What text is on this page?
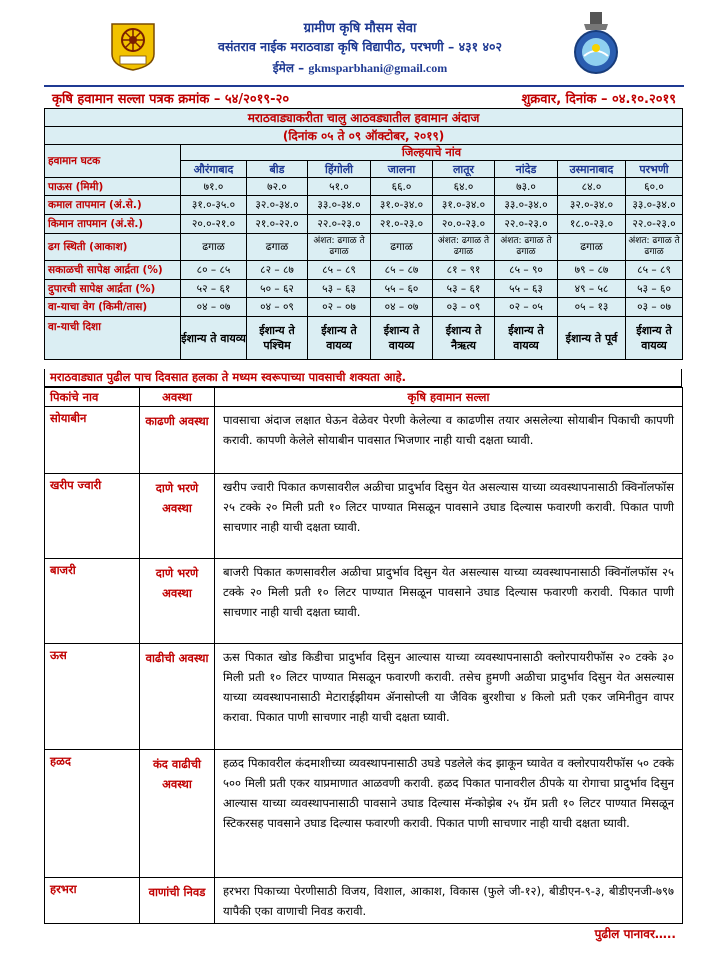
ग्रामीण कृषि मौसम सेवा
वसंतराव नाईक मराठवाडा कृषि विद्यापीठ, परभणी – ४३१ ४०२
ईमेल – gkmsparbhani@gmail.com
कृषि हवामान सल्ला पत्रक क्रमांक – ५४/२०१९-२०	शुक्रवार, दिनांक – ०४.१०.२०१९
मराठवाड्याकरीता चालु आठवड्यातील हवामान अंदाज								
(दिनांक ०५ ते ०९ ऑक्टोबर, २०१९)								
हवामान घटक	जिल्हयाचे नांव							
	औरंगाबाद	बीड	हिंगोली	जालना	लातूर	नांदेड	उस्मानाबाद	परभणी
पाऊस (मिमी)	७१.०	७२.०	५१.०	६६.०	६४.०	७३.०	८४.०	६०.०
कमाल तापमान (अं.से.)	३१.०-३५.०	३२.०-३४.०	३३.०-३४.०	३१.०-३४.०	३१.०-३४.०	३३.०-३४.०	३२.०-३४.०	३३.०-३४.०
किमान तापमान (अं.से.)	२०.०-२१.०	२१.०-२२.०	२२.०-२३.०	२१.०-२३.०	२०.०-२३.०	२२.०-२३.०	१८.०-२३.०	२२.०-२३.०
ढग स्थिती (आकाश)	ढगाळ	ढगाळ	अंशत: ढगाळ ते ढगाळ	ढगाळ	अंशत: ढगाळ ते ढगाळ	अंशत: ढगाळ ते ढगाळ	ढगाळ	अंशत: ढगाळ ते ढगाळ
सकाळची सापेक्ष आर्द्रता (%)	८० – ८५	८२ – ८७	८५ – ८९	८५ – ८७	८१ – ९१	८५ – ९०	७९ – ८७	८५ – ८९
दुपारची सापेक्ष आर्द्रता (%)	५२ – ६१	५० – ६२	५३ – ६३	५५ – ६०	५३ – ६१	५५ – ६३	४९ – ५८	५३ – ६०
वा-याचा वेग (किमी/तास)	०४ – ०७	०४ – ०९	०२ – ०७	०४ – ०७	०३ – ०९	०२ – ०५	०५ – १३	०३ – ०७
वा-याची दिशा	ईशान्य ते वायव्य	ईशान्य ते पश्चिम	ईशान्य ते वायव्य	ईशान्य ते वायव्य	ईशान्य ते नैऋत्य	ईशान्य ते वायव्य	ईशान्य ते पूर्व	ईशान्य ते वायव्य
मराठवाड्यात पुढील पाच दिवसात हलका ते मध्यम स्वरूपाच्या पावसाची शक्यता आहे.
पिकांचे नाव	अवस्था	कृषि हवामान सल्ला
सोयाबीन	काढणी अवस्था	पावसाचा अंदाज लक्षात घेऊन वेळेवर पेरणी केलेल्या व काढणीस तयार असलेल्या सोयाबीन पिकाची कापणी करावी. कापणी केलेले सोयाबीन पावसात भिजणार नाही याची दक्षता घ्यावी.
खरीप ज्वारी	दाणे भरणे अवस्था	खरीप ज्वारी पिकात कणसावरील अळीचा प्रादुर्भाव दिसुन येत असल्यास याच्या व्यवस्थापनासाठी क्विनॉलफॉस २५ टक्के २० मिली प्रती १० लिटर पाण्यात मिसळून पावसाने उघाड दिल्यास फवारणी करावी. पिकात पाणी साचणार नाही याची दक्षता घ्यावी.
बाजरी	दाणे भरणे अवस्था	बाजरी पिकात कणसावरील अळीचा प्रादुर्भाव दिसुन येत असल्यास याच्या व्यवस्थापनासाठी क्विनॉलफॉस २५ टक्के २० मिली प्रती १० लिटर पाण्यात मिसळून पावसाने उघाड दिल्यास फवारणी करावी. पिकात पाणी साचणार नाही याची दक्षता घ्यावी.
ऊस	वाढीची अवस्था	ऊस पिकात खोड किडीचा प्रादुर्भाव दिसुन आल्यास याच्या व्यवस्थापनासाठी क्लोरपायरीफॉस २० टक्के ३० मिली प्रती १० लिटर पाण्यात मिसळून फवारणी करावी. तसेच हुमणी अळीचा प्रादुर्भाव दिसुन येत असल्यास याच्या व्यवस्थापनासाठी मेटाराईझीयम ॲनासोप्ली या जैविक बुरशीचा ४ किलो प्रती एकर जमिनीतुन वापर करावा. पिकात पाणी साचणार नाही याची दक्षता घ्यावी.
हळद	कंद वाढीची अवस्था	हळद पिकावरील कंदमाशीच्या व्यवस्थापनासाठी उघडे पडलेले कंद झाकून घ्यावेत व क्लोरपायरीफॉस ५० टक्के ५०० मिली प्रती एकर याप्रमाणात आळवणी करावी. हळद पिकात पानावरील ठीपके या रोगाचा प्रादुर्भाव दिसुन आल्यास याच्या व्यवस्थापनासाठी पावसाने उघाड दिल्यास मॅन्कोझेब २५ ग्रॅम प्रती १० लिटर पाण्यात मिसळून स्टिकरसह पावसाने उघाड दिल्यास फवारणी करावी. पिकात पाणी साचणार नाही याची दक्षता घ्यावी.
हरभरा	वाणांची निवड	हरभरा पिकाच्या पेरणीसाठी विजय, विशाल, आकाश, विकास (फुले जी-१२), बीडीएन-९-३, बीडीएनजी-७९७ यापैकी एका वाणाची निवड करावी.
पुढील पानावर…..
